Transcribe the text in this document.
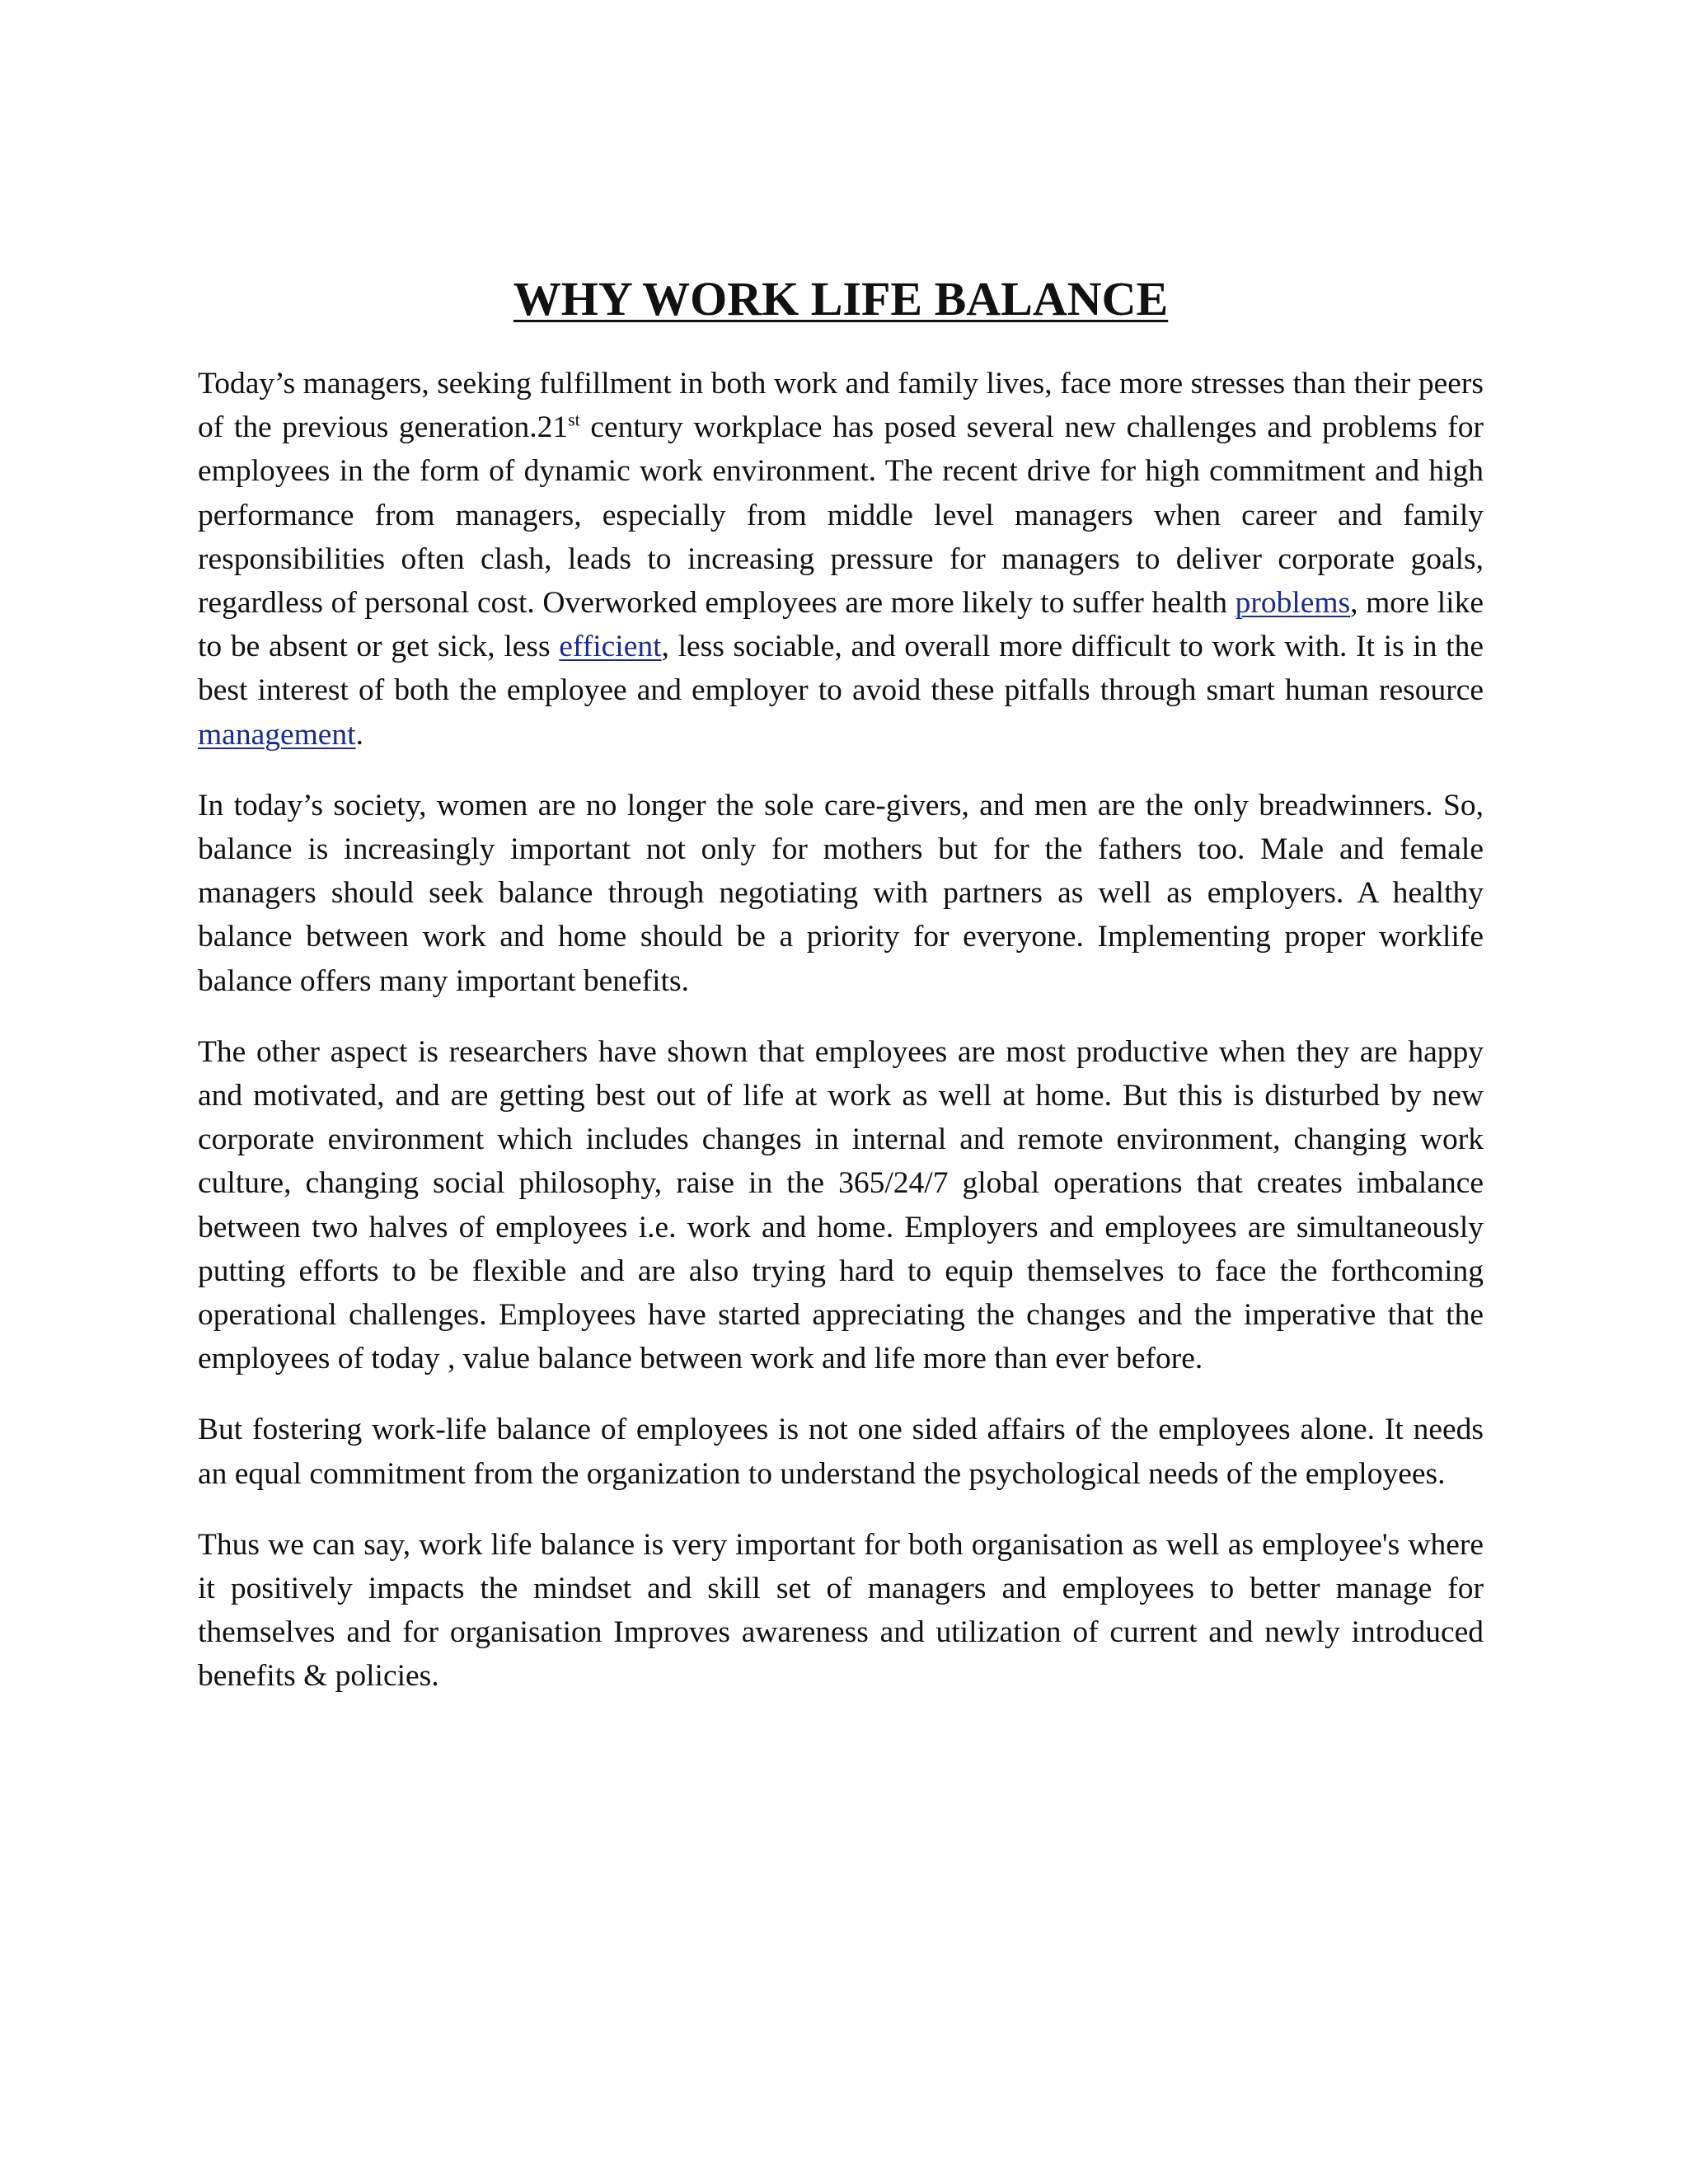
WHY WORK LIFE BALANCE

Today’s managers, seeking fulfillment in both work and family lives, face more stresses than their peers of the previous generation.21st century workplace has posed several new challenges and problems for employees in the form of dynamic work environment. The recent drive for high commitment and high performance from managers, especially from middle level managers when career and family responsibilities often clash, leads to increasing pressure for managers to deliver corporate goals, regardless of personal cost. Overworked employees are more likely to suffer health problems, more like to be absent or get sick, less efficient, less sociable, and overall more difficult to work with. It is in the best interest of both the employee and employer to avoid these pitfalls through smart human resource management.

In today’s society, women are no longer the sole care-givers, and men are the only breadwinners. So, balance is increasingly important not only for mothers but for the fathers too. Male and female managers should seek balance through negotiating with partners as well as employers. A healthy balance between work and home should be a priority for everyone. Implementing proper worklife balance offers many important benefits.

The other aspect is researchers have shown that employees are most productive when they are happy and motivated, and are getting best out of life at work as well at home. But this is disturbed by new corporate environment which includes changes in internal and remote environment, changing work culture, changing social philosophy, raise in the 365/24/7 global operations that creates imbalance between two halves of employees i.e. work and home. Employers and employees are simultaneously putting efforts to be flexible and are also trying hard to equip themselves to face the forthcoming operational challenges. Employees have started appreciating the changes and the imperative that the employees of today , value balance between work and life more than ever before.

But fostering work-life balance of employees is not one sided affairs of the employees alone. It needs an equal commitment from the organization to understand the psychological needs of the employees.

Thus we can say, work life balance is very important for both organisation as well as employee's where it positively impacts the mindset and skill set of managers and employees to better manage for themselves and for organisation Improves awareness and utilization of current and newly introduced benefits & policies.
